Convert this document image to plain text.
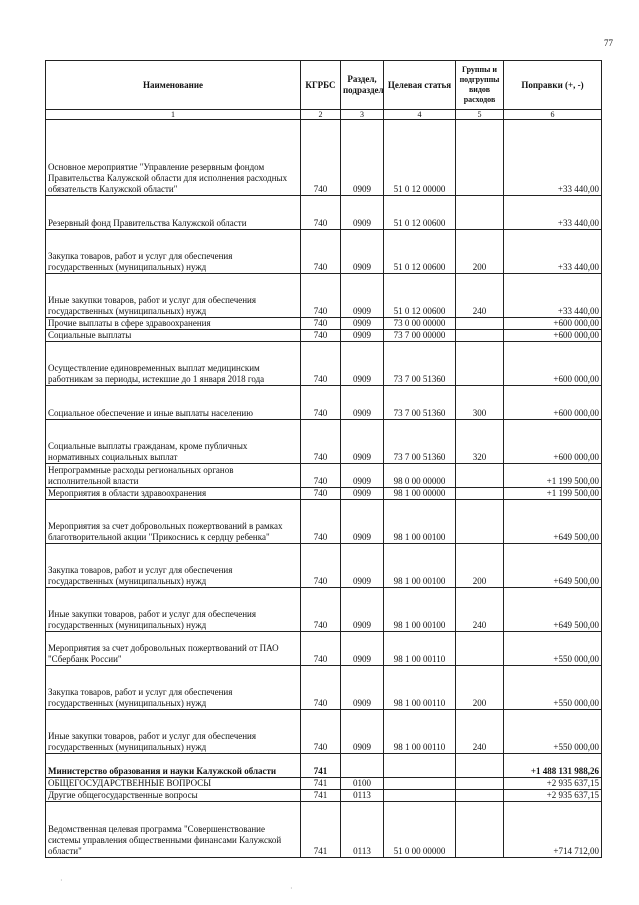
77
Наименование	КГРБС	Раздел, подраздел	Целевая статья	Группы и подгруппы видов расходов	Поправки (+, -)
1	2	3	4	5	6
Основное мероприятие "Управление резервным фондом Правительства Калужской области для исполнения расходных обязательств Калужской области"	740	0909	51 0 12 00000		+33 440,00
Резервный фонд Правительства Калужской области	740	0909	51 0 12 00600		+33 440,00
Закупка товаров, работ и услуг для обеспечения государственных (муниципальных) нужд	740	0909	51 0 12 00600	200	+33 440,00
Иные закупки товаров, работ и услуг для обеспечения государственных (муниципальных) нужд	740	0909	51 0 12 00600	240	+33 440,00
Прочие выплаты в сфере здравоохранения	740	0909	73 0 00 00000		+600 000,00
Социальные выплаты	740	0909	73 7 00 00000		+600 000,00
Осуществление единовременных выплат медицинским работникам за периоды, истекшие до 1 января 2018 года	740	0909	73 7 00 51360		+600 000,00
Социальное обеспечение и иные выплаты населению	740	0909	73 7 00 51360	300	+600 000,00
Социальные выплаты гражданам, кроме публичных нормативных социальных выплат	740	0909	73 7 00 51360	320	+600 000,00
Непрограммные расходы региональных органов исполнительной власти	740	0909	98 0 00 00000		+1 199 500,00
Мероприятия в области здравоохранения	740	0909	98 1 00 00000		+1 199 500,00
Мероприятия за счет добровольных пожертвований в рамках благотворительной акции "Прикоснись к сердцу ребенка"	740	0909	98 1 00 00100		+649 500,00
Закупка товаров, работ и услуг для обеспечения государственных (муниципальных) нужд	740	0909	98 1 00 00100	200	+649 500,00
Иные закупки товаров, работ и услуг для обеспечения государственных (муниципальных) нужд	740	0909	98 1 00 00100	240	+649 500,00
Мероприятия за счет добровольных пожертвований от ПАО "Сбербанк России"	740	0909	98 1 00 00110		+550 000,00
Закупка товаров, работ и услуг для обеспечения государственных (муниципальных) нужд	740	0909	98 1 00 00110	200	+550 000,00
Иные закупки товаров, работ и услуг для обеспечения государственных (муниципальных) нужд	740	0909	98 1 00 00110	240	+550 000,00
Министерство образования и науки Калужской области	741				+1 488 131 988,26
ОБЩЕГОСУДАРСТВЕННЫЕ ВОПРОСЫ	741	0100			+2 935 637,15
Другие общегосударственные вопросы	741	0113			+2 935 637,15
Ведомственная целевая программа "Совершенствование системы управления общественными финансами Калужской области"	741	0113	51 0 00 00000		+714 712,00
·
·
